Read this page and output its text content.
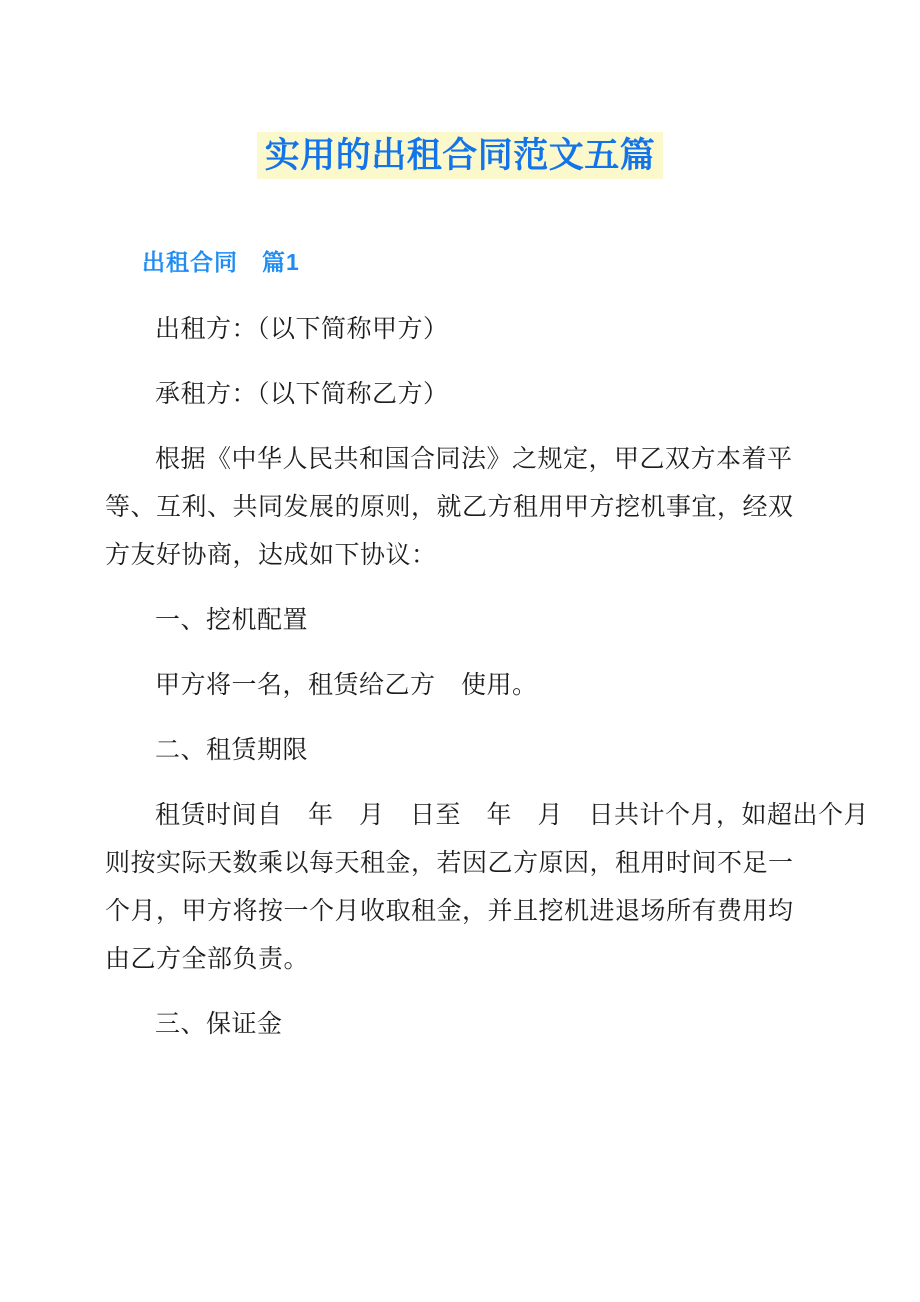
实用的出租合同范文五篇
出租合同　篇1
出租方：（以下简称甲方）
承租方：（以下简称乙方）
根据《中华人民共和国合同法》之规定，甲乙双方本着平
等、互利、共同发展的原则，就乙方租用甲方挖机事宜，经双
方友好协商，达成如下协议：
一、挖机配置
甲方将一名，租赁给乙方　使用。
二、租赁期限
租赁时间自　年　月　日至　年　月　日共计个月，如超出个月
则按实际天数乘以每天租金，若因乙方原因，租用时间不足一
个月，甲方将按一个月收取租金，并且挖机进退场所有费用均
由乙方全部负责。
三、保证金
